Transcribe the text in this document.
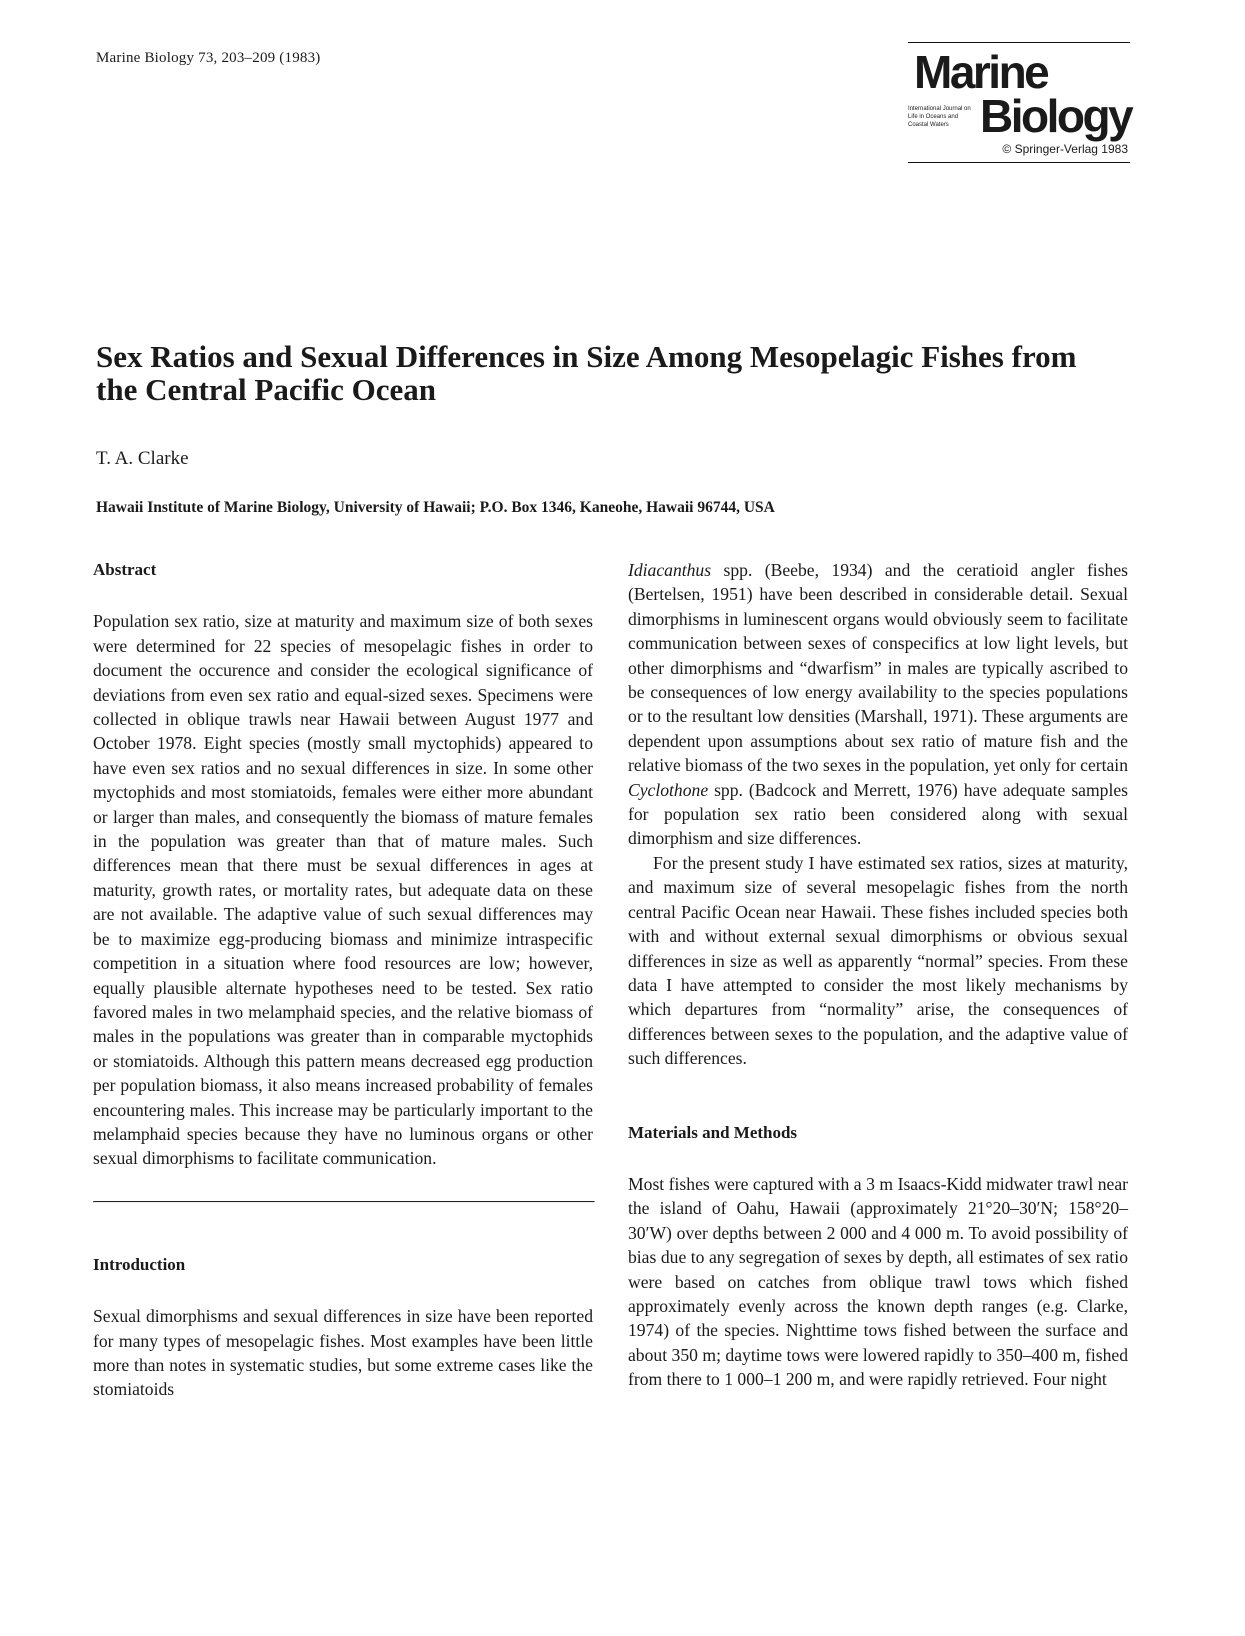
Marine Biology 73, 203–209 (1983)	Marine
International Journal on Life in Oceans and Coastal Waters Biology
© Springer-Verlag 1983
Sex Ratios and Sexual Differences in Size Among Mesopelagic Fishes from the Central Pacific Ocean
T. A. Clarke
Hawaii Institute of Marine Biology, University of Hawaii; P.O. Box 1346, Kaneohe, Hawaii 96744, USA

Abstract

Population sex ratio, size at maturity and maximum size of both sexes were determined for 22 species of mesopelagic fishes in order to document the occurence and consider the ecological significance of deviations from even sex ratio and equal-sized sexes. Specimens were collected in oblique trawls near Hawaii between August 1977 and October 1978. Eight species (mostly small myctophids) appeared to have even sex ratios and no sexual differences in size. In some other myctophids and most stomiatoids, females were either more abundant or larger than males, and consequently the biomass of mature females in the population was greater than that of mature males. Such differences mean that there must be sexual differences in ages at maturity, growth rates, or mortality rates, but adequate data on these are not available. The adaptive value of such sexual differences may be to maximize egg-producing biomass and minimize intraspecific competition in a situation where food resources are low; however, equally plausible alternate hypotheses need to be tested. Sex ratio favored males in two melamphaid species, and the relative biomass of males in the populations was greater than in comparable myctophids or stomiatoids. Although this pattern means decreased egg production per population biomass, it also means increased probability of females encountering males. This increase may be particularly important to the melamphaid species because they have no luminous organs or other sexual dimorphisms to facilitate communication.

Introduction

Sexual dimorphisms and sexual differences in size have been reported for many types of mesopelagic fishes. Most examples have been little more than notes in systematic studies, but some extreme cases like the stomiatoids

Idiacanthus spp. (Beebe, 1934) and the ceratioid angler fishes (Bertelsen, 1951) have been described in considerable detail. Sexual dimorphisms in luminescent organs would obviously seem to facilitate communication between sexes of conspecifics at low light levels, but other dimorphisms and “dwarfism” in males are typically ascribed to be consequences of low energy availability to the species populations or to the resultant low densities (Marshall, 1971). These arguments are dependent upon assumptions about sex ratio of mature fish and the relative biomass of the two sexes in the population, yet only for certain Cyclothone spp. (Badcock and Merrett, 1976) have adequate samples for population sex ratio been considered along with sexual dimorphism and size differences.

For the present study I have estimated sex ratios, sizes at maturity, and maximum size of several mesopelagic fishes from the north central Pacific Ocean near Hawaii. These fishes included species both with and without external sexual dimorphisms or obvious sexual differences in size as well as apparently “normal” species. From these data I have attempted to consider the most likely mechanisms by which departures from “normality” arise, the consequences of differences between sexes to the population, and the adaptive value of such differences.

Materials and Methods

Most fishes were captured with a 3 m Isaacs-Kidd midwater trawl near the island of Oahu, Hawaii (approximately 21°20–30′N; 158°20–30′W) over depths between 2 000 and 4 000 m. To avoid possibility of bias due to any segregation of sexes by depth, all estimates of sex ratio were based on catches from oblique trawl tows which fished approximately evenly across the known depth ranges (e.g. Clarke, 1974) of the species. Nighttime tows fished between the surface and about 350 m; daytime tows were lowered rapidly to 350–400 m, fished from there to 1 000–1 200 m, and were rapidly retrieved. Four night
